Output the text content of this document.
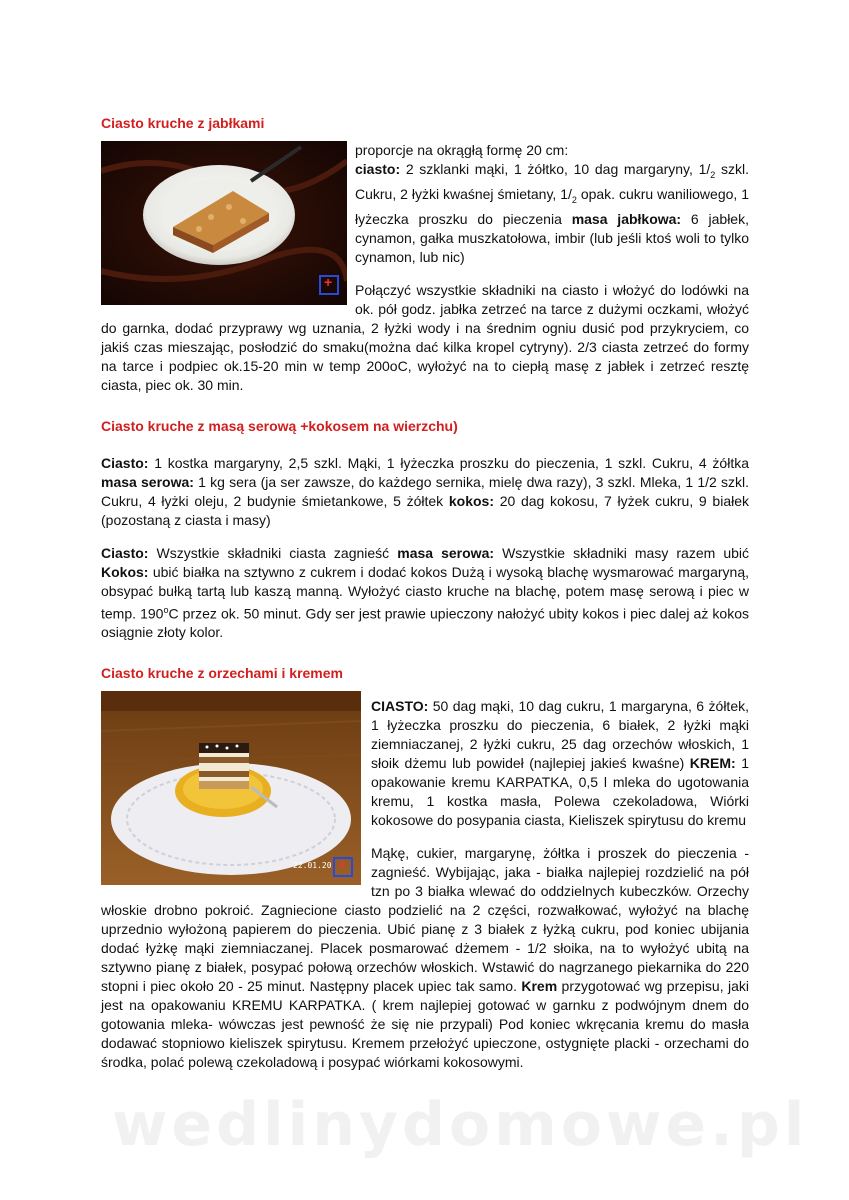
Ciasto kruche z jabłkami
+

proporcje na okrągłą formę 20 cm:
ciasto: 2 szklanki mąki, 1 żółtko, 10 dag margaryny, $1/_2$ szkl. Cukru, 2 łyżki kwaśnej śmietany, $1/_2$ opak. cukru waniliowego, 1 łyżeczka proszku do pieczenia masa jabłkowa: 6 jabłek, cynamon, gałka muszkatołowa, imbir (lub jeśli ktoś woli to tylko cynamon, lub nic)

Połączyć wszystkie składniki na ciasto i włożyć do lodówki na ok. pół godz. jabłka zetrzeć na tarce z dużymi oczkami, włożyć do garnka, dodać przyprawy wg uznania, 2 łyżki wody i na średnim ogniu dusić pod przykryciem, co jakiś czas mieszając, posłodzić do smaku(można dać kilka kropel cytryny). 2/3 ciasta zetrzeć do formy na tarce i podpiec ok.15-20 min w temp 200oC, wyłożyć na to ciepłą masę z jabłek i zetrzeć resztę ciasta, piec ok. 30 min.

Ciasto kruche z masą serową +kokosem na wierzchu)

Ciasto: 1 kostka margaryny, 2,5 szkl. Mąki, 1 łyżeczka proszku do pieczenia, 1 szkl. Cukru, 4 żółtka masa serowa: 1 kg sera (ja ser zawsze, do każdego sernika, mielę dwa razy), 3 szkl. Mleka, 1 1/2 szkl. Cukru, 4 łyżki oleju, 2 budynie śmietankowe, 5 żółtek kokos: 20 dag kokosu, 7 łyżek cukru, 9 białek (pozostaną z ciasta i masy)

Ciasto: Wszystkie składniki ciasta zagnieść masa serowa: Wszystkie składniki masy razem ubić Kokos: ubić białka na sztywno z cukrem i dodać kokos Dużą i wysoką blachę wysmarować margaryną, obsypać bułką tartą lub kaszą manną. Wyłożyć ciasto kruche na blachę, potem masę serową i piec w temp. 190$^o$C przez ok. 50 minut. Gdy ser jest prawie upieczony nałożyć ubity kokos i piec dalej aż kokos osiągnie złoty kolor.

Ciasto kruche z orzechami i kremem
22.01.20
+

CIASTO: 50 dag mąki, 10 dag cukru, 1 margaryna, 6 żółtek, 1 łyżeczka proszku do pieczenia, 6 białek, 2 łyżki mąki ziemniaczanej, 2 łyżki cukru, 25 dag orzechów włoskich, 1 słoik dżemu lub powideł (najlepiej jakieś kwaśne) KREM: 1 opakowanie kremu KARPATKA, 0,5 l mleka do ugotowania kremu, 1 kostka masła, Polewa czekoladowa, Wiórki kokosowe do posypania ciasta, Kieliszek spirytusu do kremu

Mąkę, cukier, margarynę, żółtka i proszek do pieczenia - zagnieść. Wybijając, jaka - białka najlepiej rozdzielić na pół tzn po 3 białka wlewać do oddzielnych kubeczków. Orzechy włoskie drobno pokroić. Zagniecione ciasto podzielić na 2 części, rozwałkować, wyłożyć na blachę uprzednio wyłożoną papierem do pieczenia. Ubić pianę z 3 białek z łyżką cukru, pod koniec ubijania dodać łyżkę mąki ziemniaczanej. Placek posmarować dżemem - 1/2 słoika, na to wyłożyć ubitą na sztywno pianę z białek, posypać połową orzechów włoskich. Wstawić do nagrzanego piekarnika do 220 stopni i piec około 20 - 25 minut. Następny placek upiec tak samo. Krem przygotować wg przepisu, jaki jest na opakowaniu KREMU KARPATKA. ( krem najlepiej gotować w garnku z podwójnym dnem do gotowania mleka- wówczas jest pewność że się nie przypali) Pod koniec wkręcania kremu do masła dodawać stopniowo kieliszek spirytusu. Kremem przełożyć upieczone, ostygnięte placki - orzechami do środka, polać polewą czekoladową i posypać wiórkami kokosowymi.

wedlinydomowe.pl
